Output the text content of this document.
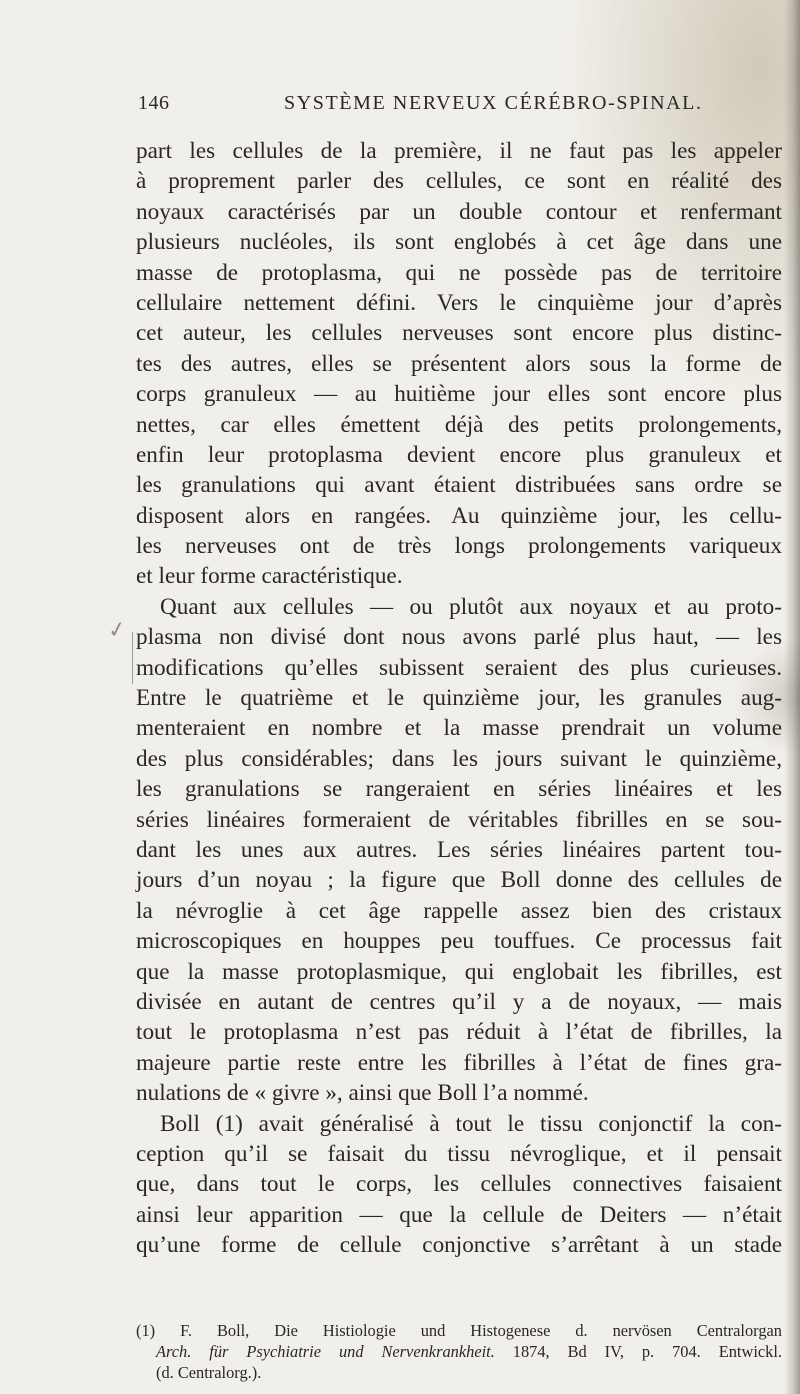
146	SYSTÈME NERVEUX CÉRÉBRO-SPINAL.
✓
part les cellules de la première, il ne faut pas les appeler
à proprement parler des cellules, ce sont en réalité des
noyaux caractérisés par un double contour et renfermant
plusieurs nucléoles, ils sont englobés à cet âge dans une
masse de protoplasma, qui ne possède pas de territoire
cellulaire nettement défini. Vers le cinquième jour d’après
cet auteur, les cellules nerveuses sont encore plus distinc-
tes des autres, elles se présentent alors sous la forme de
corps granuleux — au huitième jour elles sont encore plus
nettes, car elles émettent déjà des petits prolongements,
enfin leur protoplasma devient encore plus granuleux et
les granulations qui avant étaient distribuées sans ordre se
disposent alors en rangées. Au quinzième jour, les cellu-
les nerveuses ont de très longs prolongements variqueux
et leur forme caractéristique.
Quant aux cellules — ou plutôt aux noyaux et au proto-
plasma non divisé dont nous avons parlé plus haut, — les
modifications qu’elles subissent seraient des plus curieuses.
Entre le quatrième et le quinzième jour, les granules aug-
menteraient en nombre et la masse prendrait un volume
des plus considérables; dans les jours suivant le quinzième,
les granulations se rangeraient en séries linéaires et les
séries linéaires formeraient de véritables fibrilles en se sou-
dant les unes aux autres. Les séries linéaires partent tou-
jours d’un noyau ; la figure que Boll donne des cellules de
la névroglie à cet âge rappelle assez bien des cristaux
microscopiques en houppes peu touffues. Ce processus fait
que la masse protoplasmique, qui englobait les fibrilles, est
divisée en autant de centres qu’il y a de noyaux, — mais
tout le protoplasma n’est pas réduit à l’état de fibrilles, la
majeure partie reste entre les fibrilles à l’état de fines gra-
nulations de « givre », ainsi que Boll l’a nommé.
Boll (1) avait généralisé à tout le tissu conjonctif la con-
ception qu’il se faisait du tissu névroglique, et il pensait
que, dans tout le corps, les cellules connectives faisaient
ainsi leur apparition — que la cellule de Deiters — n’était
qu’une forme de cellule conjonctive s’arrêtant à un stade
(1) F. Boll, Die Histiologie und Histogenese d. nervösen Centralorgan
Arch. für Psychiatrie und Nervenkrankheit. 1874, Bd IV, p. 704. Entwickl.
(d. Centralorg.).
